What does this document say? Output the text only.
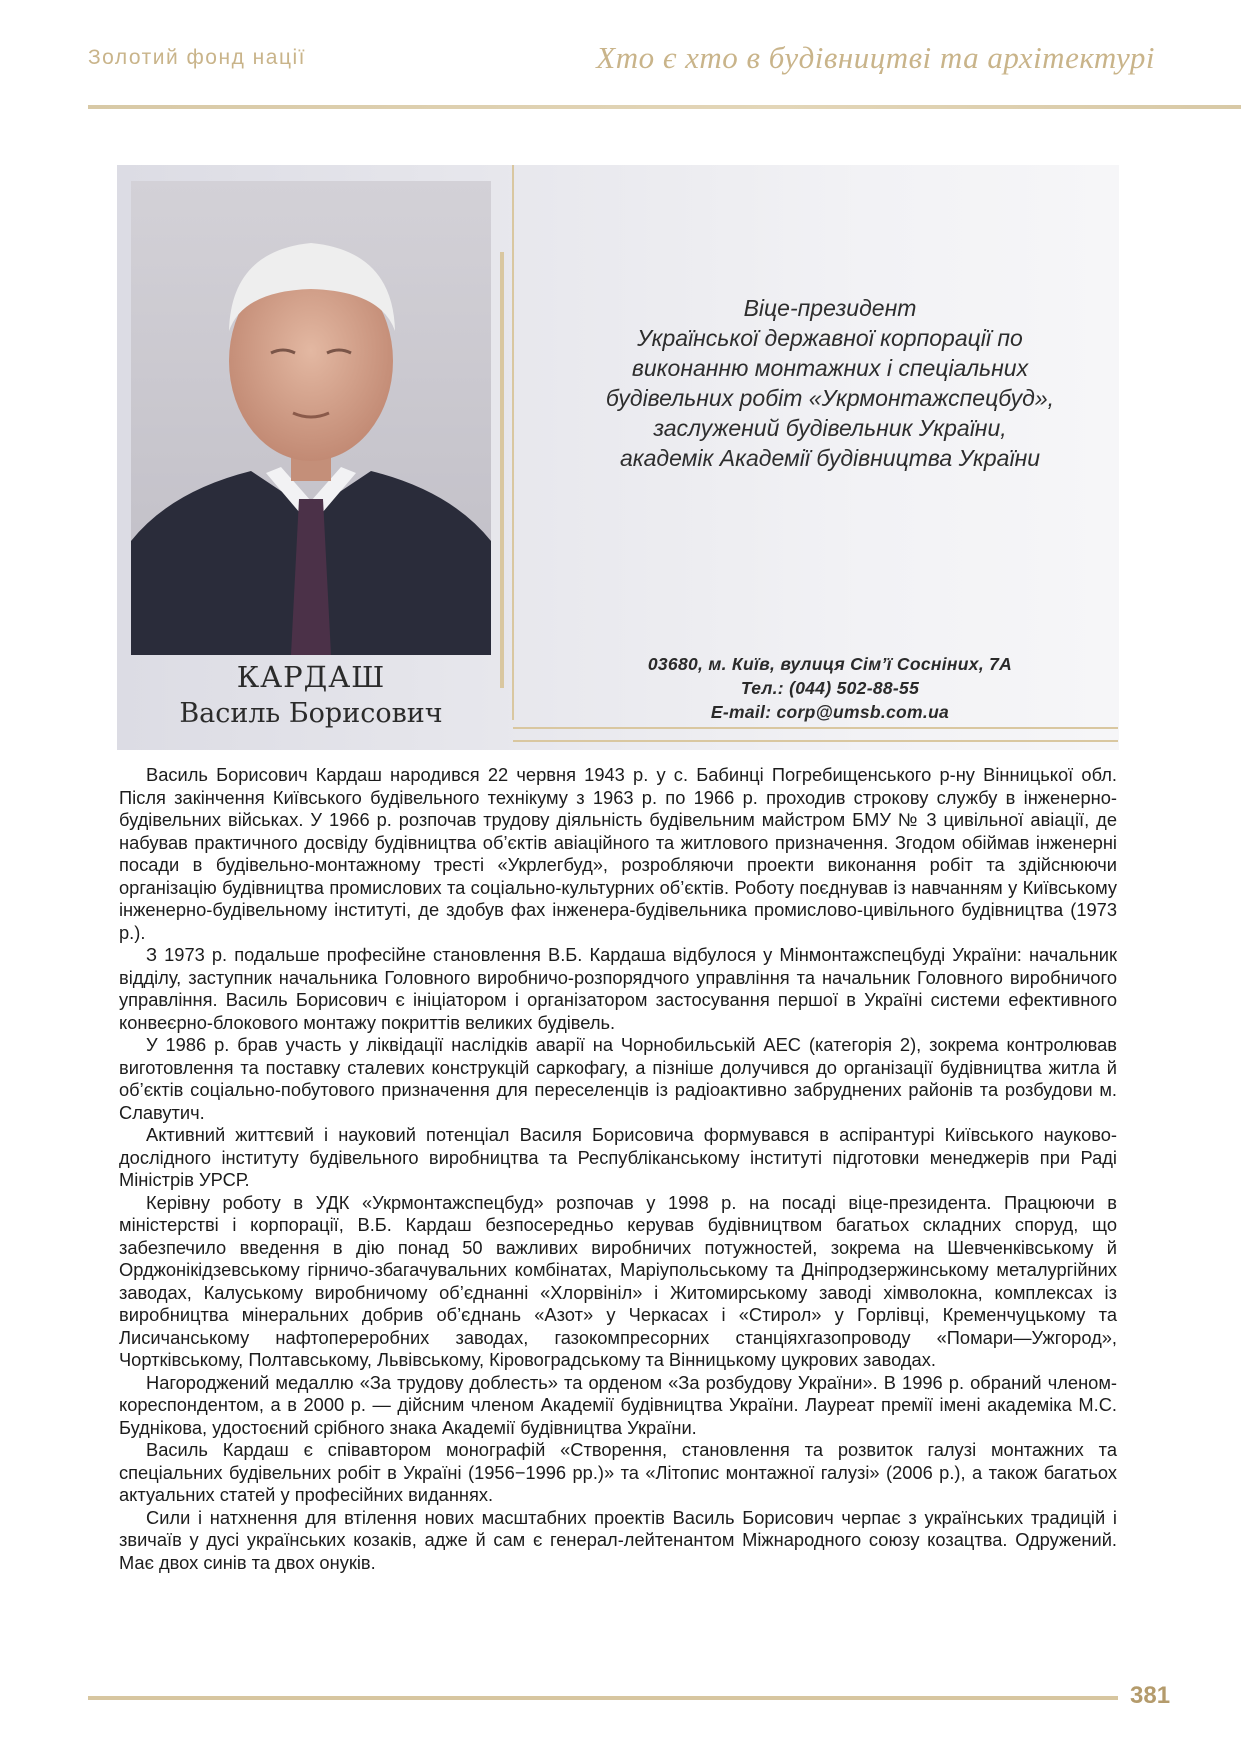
Золотий фонд нації	Хто є хто в будівництві та архітектурі
КАРДАШ
Василь Борисович
Віце-президент
Української державної корпорації по
виконанню монтажних і спеціальних
будівельних робіт «Укрмонтажспецбуд»,
заслужений будівельник України,
академік Академії будівництва України
03680, м. Київ, вулиця Сім’ї Сосніних, 7А
Тел.: (044) 502-88-55
E-mail: corp@umsb.com.ua

Василь Борисович Кардаш народився 22 червня 1943 р. у с. Бабинці Погребищенського р-ну Вінницької обл. Після закінчення Київського будівельного технікуму з 1963 р. по 1966 р. проходив строкову службу в інженерно-будівельних військах. У 1966 р. розпочав трудову діяльність будівельним майстром БМУ № 3 цивільної авіації, де набував практичного досвіду будівництва об’єктів авіаційного та житлового призначення. Згодом обіймав інженерні посади в будівельно-монтажному тресті «Укрлегбуд», розробляючи проекти виконання робіт та здійснюючи організацію будівництва промислових та соціально-культурних об’єктів. Роботу поєднував із навчанням у Київському інженерно-будівельному інституті, де здобув фах інженера-будівельника промислово-цивільного будівництва (1973 р.).

З 1973 р. подальше професійне становлення В.Б. Кардаша відбулося у Мінмонтажспецбуді України: начальник відділу, заступник начальника Головного виробничо-розпорядчого управління та начальник Головного виробничого управління. Василь Борисович є ініціатором і організатором застосування першої в Україні системи ефективного конвеєрно-блокового монтажу покриттів великих будівель.

У 1986 р. брав участь у ліквідації наслідків аварії на Чорнобильській АЕС (категорія 2), зокрема контролював виготовлення та поставку сталевих конструкцій саркофагу, а пізніше долучився до організації будівництва житла й об’єктів соціально-побутового призначення для переселенців із радіоактивно забруднених районів та розбудови м. Славутич.

Активний життєвий і науковий потенціал Василя Борисовича формувався в аспірантурі Київського науково-дослідного інституту будівельного виробництва та Республіканському інституті підготовки менеджерів при Раді Міністрів УРСР.

Керівну роботу в УДК «Укрмонтажспецбуд» розпочав у 1998 р. на посаді віце-президента. Працюючи в міністерстві і корпорації, В.Б. Кардаш безпосередньо керував будівництвом багатьох складних споруд, що забезпечило введення в дію понад 50 важливих виробничих потужностей, зокрема на Шевченківському й Орджонікідзевському гірничо-збагачувальних комбінатах, Маріупольському та Дніпродзержинському металургійних заводах, Калуському виробничому об’єднанні «Хлорвініл» і Житомирському заводі хімволокна, комплексах із виробництва мінеральних добрив об’єднань «Азот» у Черкасах і «Стирол» у Горлівці, Кременчуцькому та Лисичанському нафтопереробних заводах, газокомпресорних станціяхгазопроводу «Помари—Ужгород», Чортківському, Полтавському, Львівському, Кіровоградському та Вінницькому цукрових заводах.

Нагороджений медаллю «За трудову доблесть» та орденом «За розбудову України». В 1996 р. обраний членом-кореспондентом, а в 2000 р. — дійсним членом Академії будівництва України. Лауреат премії імені академіка М.С. Буднікова, удостоєний срібного знака Академії будівництва України.

Василь Кардаш є співавтором монографій «Створення, становлення та розвиток галузі монтажних та спеціальних будівельних робіт в Україні (1956−1996 рр.)» та «Літопис монтажної галузі» (2006 р.), а також багатьох актуальних статей у професійних виданнях.

Сили і натхнення для втілення нових масштабних проектів Василь Борисович черпає з українських традицій і звичаїв у дусі українських козаків, адже й сам є генерал-лейтенантом Міжнародного союзу козацтва. Одружений. Має двох синів та двох онуків.

381
